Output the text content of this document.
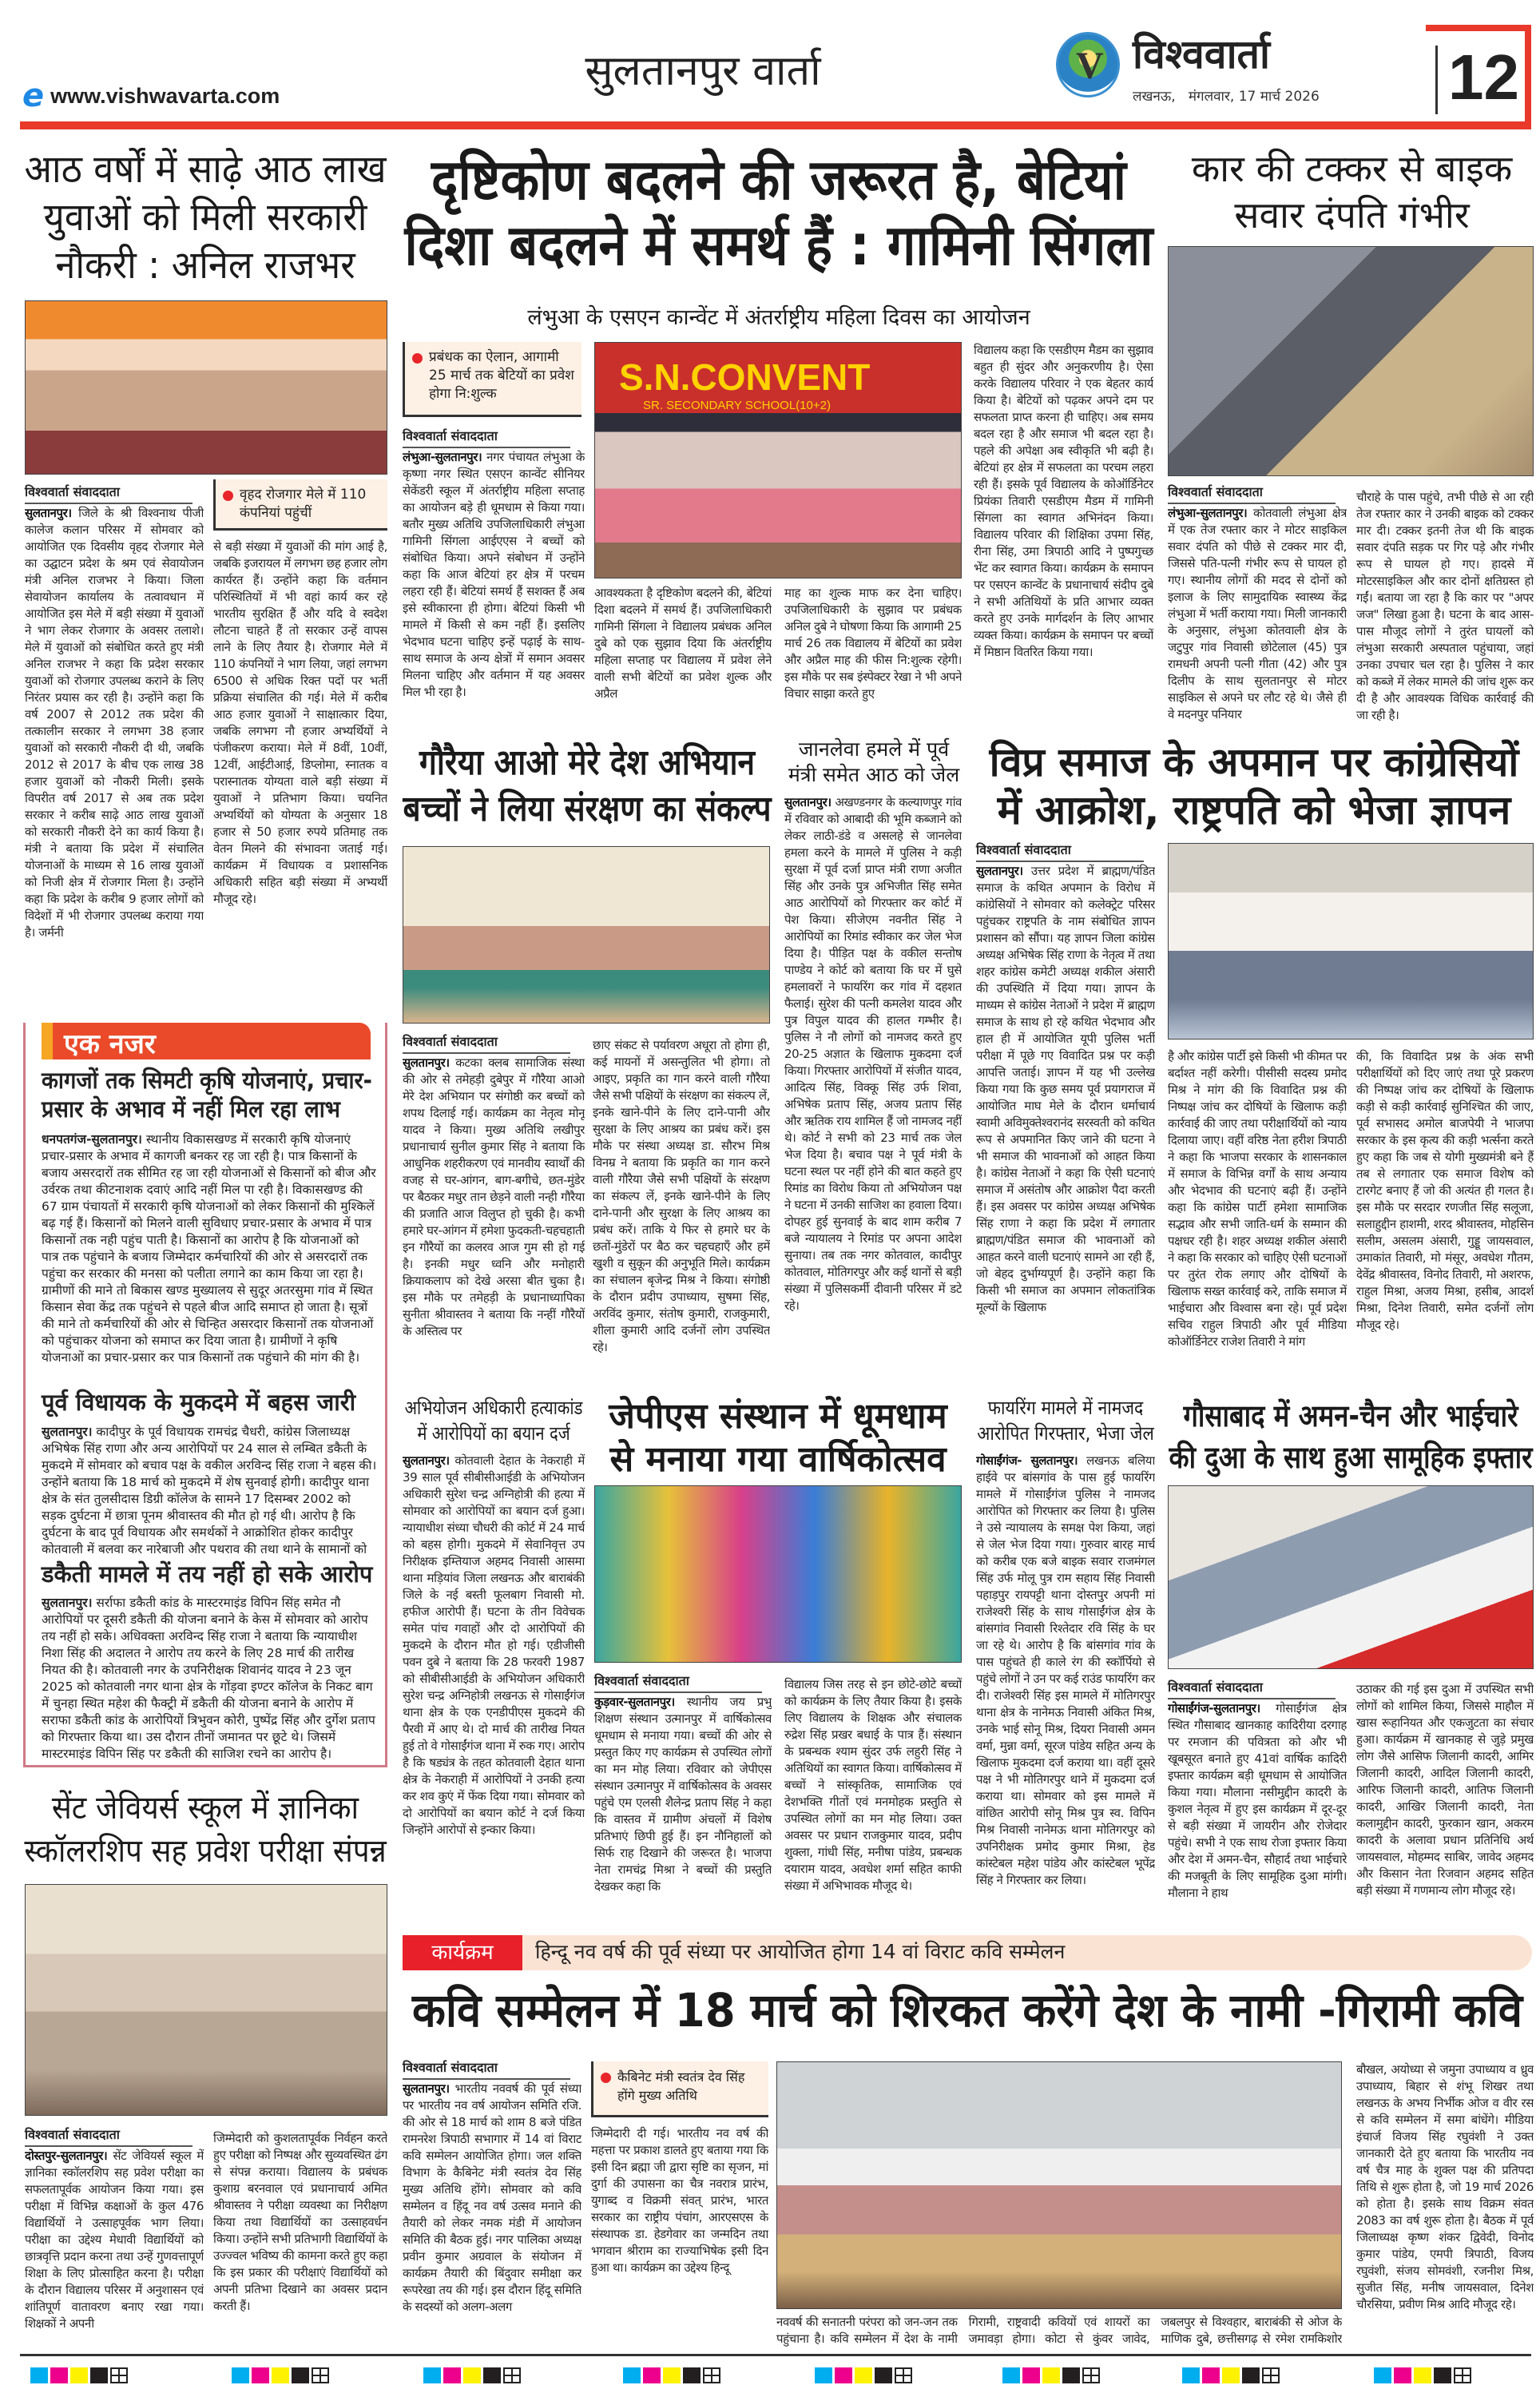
e www.vishwavarta.com
सुलतानपुर वार्ता	V विश्ववार्ता
लखनऊ,   मंगलवार, 17 मार्च 2026 12
आठ वर्षों में साढ़े आठ लाख युवाओं को मिली सरकारी नौकरी : अनिल राजभर
विश्ववार्ता संवाददाता	वृहद रोजगार मेले में 110 कंपनियां पहुंचीं
सुलतानपुर। जिले के श्री विश्वनाथ पीजी कालेज कलान परिसर में सोमवार को आयोजित एक दिवसीय वृहद रोजगार मेले का उद्घाटन प्रदेश के श्रम एवं सेवायोजन मंत्री अनिल राजभर ने किया। जिला सेवायोजन कार्यालय के तत्वावधान में आयोजित इस मेले में बड़ी संख्या में युवाओं ने भाग लेकर रोजगार के अवसर तलाशे। मेले में युवाओं को संबोधित करते हुए मंत्री अनिल राजभर ने कहा कि प्रदेश सरकार युवाओं को रोजगार उपलब्ध कराने के लिए निरंतर प्रयास कर रही है। उन्होंने कहा कि वर्ष 2007 से 2012 तक प्रदेश की तत्कालीन सरकार ने लगभग 38 हजार युवाओं को सरकारी नौकरी दी थी, जबकि 2012 से 2017 के बीच एक लाख 38 हजार युवाओं को नौकरी मिली। इसके विपरीत वर्ष 2017 से अब तक प्रदेश सरकार ने करीब साढ़े आठ लाख युवाओं को सरकारी नौकरी देने का कार्य किया है। मंत्री ने बताया कि प्रदेश में संचालित योजनाओं के माध्यम से 16 लाख युवाओं को निजी क्षेत्र में रोजगार मिला है। उन्होंने कहा कि प्रदेश के करीब 9 हजार लोगों को विदेशों में भी रोजगार उपलब्ध कराया गया है। जर्मनी
से बड़ी संख्या में युवाओं की मांग आई है, जबकि इजरायल में लगभग छह हजार लोग कार्यरत हैं। उन्होंने कहा कि वर्तमान परिस्थितियों में भी वहां कार्य कर रहे भारतीय सुरक्षित हैं और यदि वे स्वदेश लौटना चाहते हैं तो सरकार उन्हें वापस लाने के लिए तैयार है। रोजगार मेले में 110 कंपनियों ने भाग लिया, जहां लगभग 6500 से अधिक रिक्त पदों पर भर्ती प्रक्रिया संचालित की गई। मेले में करीब आठ हजार युवाओं ने साक्षात्कार दिया, जबकि लगभग नौ हजार अभ्यर्थियों ने पंजीकरण कराया। मेले में 8वीं, 10वीं, 12वीं, आईटीआई, डिप्लोमा, स्नातक व परास्नातक योग्यता वाले बड़ी संख्या में युवाओं ने प्रतिभाग किया। चयनित अभ्यर्थियों को योग्यता के अनुसार 18 हजार से 50 हजार रुपये प्रतिमाह तक वेतन मिलने की संभावना जताई गई। कार्यक्रम में विधायक व प्रशासनिक अधिकारी सहित बड़ी संख्या में अभ्यर्थी मौजूद रहे।
दृष्टिकोण बदलने की जरूरत है, बेटियां दिशा बदलने में समर्थ हैं : गामिनी सिंगला
लंभुआ के एसएन कान्वेंट में अंतर्राष्ट्रीय महिला दिवस का आयोजन
प्रबंधक का ऐलान, आगामी 25 मार्च तक बेटियों का प्रवेश होगा नि:शुल्क
विश्ववार्ता संवाददाता
लंभुआ-सुलतानपुर। नगर पंचायत लंभुआ के कृष्णा नगर स्थित एसएन कान्वेंट सीनियर सेकेंडरी स्कूल में अंतर्राष्ट्रीय महिला सप्ताह का आयोजन बड़े ही धूमधाम से किया गया। बतौर मुख्य अतिथि उपजिलाधिकारी लंभुआ गामिनी सिंगला आईएएस ने बच्चों को संबोधित किया। अपने संबोधन में उन्होंने कहा कि आज बेटियां हर क्षेत्र में परचम लहरा रही हैं। बेटियां समर्थ हैं सशक्त हैं अब इसे स्वीकारना ही होगा। बेटियां किसी भी मामले में किसी से कम नहीं हैं। इसलिए भेदभाव घटना चाहिए इन्हें पढ़ाई के साथ-साथ समाज के अन्य क्षेत्रों में समान अवसर मिलना चाहिए और वर्तमान में यह अवसर मिल भी रहा है।
S.N.CONVENT
SR. SECONDARY SCHOOL(10+2)
आवश्यकता है दृष्टिकोण बदलने की, बेटियां दिशा बदलने में समर्थ हैं। उपजिलाधिकारी गामिनी सिंगला ने विद्यालय प्रबंधक अनिल दुबे को एक सुझाव दिया कि अंतर्राष्ट्रीय महिला सप्ताह पर विद्यालय में प्रवेश लेने वाली सभी बेटियों का प्रवेश शुल्क और अप्रैल
माह का शुल्क माफ कर देना चाहिए। उपजिलाधिकारी के सुझाव पर प्रबंधक अनिल दुबे ने घोषणा किया कि आगामी 25 मार्च 26 तक विद्यालय में बेटियों का प्रवेश और अप्रैल माह की फीस नि:शुल्क रहेगी। इस मौके पर सब इंस्पेक्टर रेखा ने भी अपने विचार साझा करते हुए
विद्यालय कहा कि एसडीएम मैडम का सुझाव बहुत ही सुंदर और अनुकरणीय है। ऐसा करके विद्यालय परिवार ने एक बेहतर कार्य किया है। बेटियों को पढ़कर अपने दम पर सफलता प्राप्त करना ही चाहिए। अब समय बदल रहा है और समाज भी बदल रहा है। पहले की अपेक्षा अब स्वीकृति भी बढ़ी है। बेटियां हर क्षेत्र में सफलता का परचम लहरा रही हैं। इसके पूर्व विद्यालय के कोऑर्डिनेटर प्रियंका तिवारी एसडीएम मैडम में गामिनी सिंगला का स्वागत अभिनंदन किया। विद्यालय परिवार की शिक्षिका उपमा सिंह, रीना सिंह, उमा त्रिपाठी आदि ने पुष्पगुच्छ भेंट कर स्वागत किया। कार्यक्रम के समापन पर एसएन कान्वेंट के प्रधानाचार्य संदीप दुबे ने सभी अतिथियों के प्रति आभार व्यक्त करते हुए उनके मार्गदर्शन के लिए आभार व्यक्त किया। कार्यक्रम के समापन पर बच्चों में मिष्ठान वितरित किया गया।
कार की टक्कर से बाइक सवार दंपति गंभीर
विश्ववार्ता संवाददाता
लंभुआ-सुलतानपुर। कोतवाली लंभुआ क्षेत्र में एक तेज रफ्तार कार ने मोटर साइकिल सवार दंपति को पीछे से टक्कर मार दी, जिससे पति-पत्नी गंभीर रूप से घायल हो गए। स्थानीय लोगों की मदद से दोनों को इलाज के लिए सामुदायिक स्वास्थ्य केंद्र लंभुआ में भर्ती कराया गया। मिली जानकारी के अनुसार, लंभुआ कोतवाली क्षेत्र के जटुपुर गांव निवासी छोटेलाल (45) पुत्र रामधनी अपनी पत्नी गीता (42) और पुत्र दिलीप के साथ सुलतानपुर से मोटर साइकिल से अपने घर लौट रहे थे। जैसे ही वे मदनपुर पनियार
चौराहे के पास पहुंचे, तभी पीछे से आ रही तेज रफ्तार कार ने उनकी बाइक को टक्कर मार दी। टक्कर इतनी तेज थी कि बाइक सवार दंपति सड़क पर गिर पड़े और गंभीर रूप से घायल हो गए। हादसे में मोटरसाइकिल और कार दोनों क्षतिग्रस्त हो गईं। बताया जा रहा है कि कार पर "अपर जज" लिखा हुआ है। घटना के बाद आस-पास मौजूद लोगों ने तुरंत घायलों को लंभुआ सरकारी अस्पताल पहुंचाया, जहां उनका उपचार चल रहा है। पुलिस ने कार को कब्जे में लेकर मामले की जांच शुरू कर दी है और आवश्यक विधिक कार्रवाई की जा रही है।
एक नजर
कागजों तक सिमटी कृषि योजनाएं, प्रचार-प्रसार के अभाव में नहीं मिल रहा लाभ
धनपतगंज-सुलतानपुर। स्थानीय विकासखण्ड में सरकारी कृषि योजनाएं प्रचार-प्रसार के अभाव में कागजी बनकर रह जा रही है। पात्र किसानों के बजाय असरदारों तक सीमित रह जा रही योजनाओं से किसानों को बीज और उर्वरक तथा कीटनाशक दवाएं आदि नहीं मिल पा रही है। विकासखण्ड की 67 ग्राम पंचायतों में सरकारी कृषि योजनाओं को लेकर किसानों की मुश्किलें बढ़ गई हैं। किसानों को मिलने वाली सुविधाए प्रचार-प्रसार के अभाव में पात्र किसानों तक नही पहुंच पाती है। किसानों का आरोप है कि योजनाओं को पात्र तक पहुंचाने के बजाय जिम्मेदार कर्मचारियों की ओर से असरदारों तक पहुंचा कर सरकार की मनसा को पलीता लगाने का काम किया जा रहा है। ग्रामीणों की माने तो बिकास खण्ड मुख्यालय से सुदूर अतरसुमा गांव में स्थित किसान सेवा केंद्र तक पहुंचने से पहले बीज आदि समाप्त हो जाता है। सूत्रों की माने तो कर्मचारियों की ओर से चिन्हित असरदार किसानों तक योजनाओं को पहुंचाकर योजना को समाप्त कर दिया जाता है। ग्रामीणों ने कृषि योजनाओं का प्रचार-प्रसार कर पात्र किसानों तक पहुंचाने की मांग की है।
पूर्व विधायक के मुकदमे में बहस जारी
सुलतानपुर। कादीपुर के पूर्व विधायक रामचंद्र चैधरी, कांग्रेस जिलाध्यक्ष अभिषेक सिंह राणा और अन्य आरोपियों पर 24 साल से लम्बित डकैती के मुकदमे में सोमवार को बचाव पक्ष के वकील अरविन्द सिंह राजा ने बहस की। उन्होंने बताया कि 18 मार्च को मुकदमे में शेष सुनवाई होगी। कादीपुर थाना क्षेत्र के संत तुलसीदास डिग्री कॉलेज के सामने 17 दिसम्बर 2002 को सड़क दुर्घटना में छात्रा पूनम श्रीवास्तव की मौत हो गई थी। आरोप है कि दुर्घटना के बाद पूर्व विधायक और समर्थकों ने आक्रोशित होकर कादीपुर कोतवाली में बलवा कर नारेबाजी और पथराव की तथा थाने के सामानों को
डकैती मामले में तय नहीं हो सके आरोप
सुलतानपुर। सर्राफा डकैती कांड के मास्टरमाइंड विपिन सिंह समेत नौ आरोपियों पर दूसरी डकैती की योजना बनाने के केस में सोमवार को आरोप तय नहीं हो सके। अधिवक्ता अरविन्द सिंह राजा ने बताया कि न्यायाधीश निशा सिंह की अदालत ने आरोप तय करने के लिए 28 मार्च की तारीख नियत की है। कोतवाली नगर के उपनिरीक्षक शिवानंद यादव ने 23 जून 2025 को कोतवाली नगर थाना क्षेत्र के गोंड़वा इण्टर कॉलेज के निकट बाग में चुनहा स्थित महेश की फैक्ट्री में डकैती की योजना बनाने के आरोप में सराफा डकैती कांड के आरोपियों त्रिभुवन कोरी, पुष्पेंद्र सिंह और दुर्गेश प्रताप को गिरफ्तार किया था। उस दौरान तीनों जमानत पर छूटे थे। जिसमें मास्टरमाइंड विपिन सिंह पर डकैती की साजिश रचने का आरोप है।
सेंट जेवियर्स स्कूल में ज्ञानिका स्कॉलरशिप सह प्रवेश परीक्षा संपन्न
विश्ववार्ता संवाददाता
दोस्तपुर-सुलतानपुर। सेंट जेवियर्स स्कूल में ज्ञानिका स्कॉलरशिप सह प्रवेश परीक्षा का सफलतापूर्वक आयोजन किया गया। इस परीक्षा में विभिन्न कक्षाओं के कुल 476 विद्यार्थियों ने उत्साहपूर्वक भाग लिया। परीक्षा का उद्देश्य मेधावी विद्यार्थियों को छात्रवृत्ति प्रदान करना तथा उन्हें गुणवत्तापूर्ण शिक्षा के लिए प्रोत्साहित करना है। परीक्षा के दौरान विद्यालय परिसर में अनुशासन एवं शांतिपूर्ण वातावरण बनाए रखा गया। शिक्षकों ने अपनी
जिम्मेदारी को कुशलतापूर्वक निर्वहन करते हुए परीक्षा को निष्पक्ष और सुव्यवस्थित ढंग से संपन्न कराया। विद्यालय के प्रबंधक कुशाग्र बरनवाल एवं प्रधानाचार्य अमित श्रीवास्तव ने परीक्षा व्यवस्था का निरीक्षण किया तथा विद्यार्थियों का उत्साहवर्धन किया। उन्होंने सभी प्रतिभागी विद्यार्थियों के उज्ज्वल भविष्य की कामना करते हुए कहा कि इस प्रकार की परीक्षाएं विद्यार्थियों को अपनी प्रतिभा दिखाने का अवसर प्रदान करती हैं।
गौरैया आओ मेरे देश अभियान बच्चों ने लिया संरक्षण का संकल्प
विश्ववार्ता संवाददाता
सुलतानपुर। कटका क्लब सामाजिक संस्था की ओर से तमेहड़ी दुबेपुर में गौरैया आओ मेरे देश अभियान पर संगोष्ठी कर बच्चों को शपथ दिलाई गई। कार्यक्रम का नेतृत्व मोनू यादव ने किया। मुख्य अतिथि लखीपुर प्रधानाचार्य सुनील कुमार सिंह ने बताया कि आधुनिक शहरीकरण एवं मानवीय स्वार्थों की वजह से घर-आंगन, बाग-बगीचे, छत-मुंडेर पर बैठकर मधुर तान छेड़ने वाली नन्ही गौरैया की प्रजाति आज विलुप्त हो चुकी है। कभी हमारे घर-आंगन में हमेशा फुदकती-चहचहाती इन गौरैयों का कलरव आज गुम सी हो गई है। इनकी मधुर ध्वनि और मनोहारी क्रियाकलाप को देखे अरसा बीत चुका है। इस मौके पर तमेहड़ी के प्रधानाध्यापिका सुनीता श्रीवास्तव ने बताया कि नन्हीं गौरैयों के अस्तित्व पर
छाए संकट से पर्यावरण अधूरा तो होगा ही, कई मायनों में असन्तुलित भी होगा। तो आइए, प्रकृति का गान करने वाली गौरैया जैसे सभी पक्षियों के संरक्षण का संकल्प लें, इनके खाने-पीने के लिए दाने-पानी और सुरक्षा के लिए आश्रय का प्रबंध करें। इस मौके पर संस्था अध्यक्ष डा. सौरभ मिश्र विनम्र ने बताया कि प्रकृति का गान करने वाली गौरैया जैसे सभी पक्षियों के संरक्षण का संकल्प लें, इनके खाने-पीने के लिए दाने-पानी और सुरक्षा के लिए आश्रय का प्रबंध करें। ताकि ये फिर से हमारे घर के छतों-मुंडेरों पर बैठ कर चहचहाएँ और हमें खुशी व सुकून की अनुभूति मिले। कार्यक्रम का संचालन बृजेन्द्र मिश्र ने किया। संगोष्ठी के दौरान प्रदीप उपाध्याय, सुषमा सिंह, अरविंद कुमार, संतोष कुमारी, राजकुमारी, शीला कुमारी आदि दर्जनों लोग उपस्थित रहे।
जानलेवा हमले में पूर्व मंत्री समेत आठ को जेल
सुलतानपुर। अखण्डनगर के कल्याणपुर गांव में रविवार को आबादी की भूमि कब्जाने को लेकर लाठी-डंडे व असलहे से जानलेवा हमला करने के मामले में पुलिस ने कड़ी सुरक्षा में पूर्व दर्जा प्राप्त मंत्री राणा अजीत सिंह और उनके पुत्र अभिजीत सिंह समेत आठ आरोपियों को गिरफ्तार कर कोर्ट में पेश किया। सीजेएम नवनीत सिंह ने आरोपियों का रिमांड स्वीकार कर जेल भेज दिया है। पीड़ित पक्ष के वकील सन्तोष पाण्डेय ने कोर्ट को बताया कि घर में घुसे हमलावरों ने फायरिंग कर गांव में दहशत फैलाई। सुरेश की पत्नी कमलेश यादव और पुत्र विपुल यादव की हालत गम्भीर है। पुलिस ने नौ लोगों को नामजद करते हुए 20-25 अज्ञात के खिलाफ मुकदमा दर्ज किया। गिरफ्तार आरोपियों में संजीत यादव, आदित्य सिंह, विक्कू सिंह उर्फ शिवा, अभिषेक प्रताप सिंह, अजय प्रताप सिंह और ऋतिक राय शामिल हैं जो नामजद नहीं थे। कोर्ट ने सभी को 23 मार्च तक जेल भेज दिया है। बचाव पक्ष ने पूर्व मंत्री के घटना स्थल पर नहीं होने की बात कहते हुए रिमांड का विरोध किया तो अभियोजन पक्ष ने घटना में उनकी साजिश का हवाला दिया। दोपहर हुई सुनवाई के बाद शाम करीब 7 बजे न्यायालय ने रिमांड पर अपना आदेश सुनाया। तब तक नगर कोतवाल, कादीपुर कोतवाल, मोतिगरपुर और कई थानों से बड़ी संख्या में पुलिसकर्मी दीवानी परिसर में डटे रहे।
विप्र समाज के अपमान पर कांग्रेसियों में आक्रोश, राष्ट्रपति को भेजा ज्ञापन
विश्ववार्ता संवाददाता
सुलतानपुर। उत्तर प्रदेश में ब्राह्मण/पंडित समाज के कथित अपमान के विरोध में कांग्रेसियों ने सोमवार को कलेक्ट्रेट परिसर पहुंचकर राष्ट्रपति के नाम संबोधित ज्ञापन प्रशासन को सौंपा। यह ज्ञापन जिला कांग्रेस अध्यक्ष अभिषेक सिंह राणा के नेतृत्व में तथा शहर कांग्रेस कमेटी अध्यक्ष शकील अंसारी की उपस्थिति में दिया गया। ज्ञापन के माध्यम से कांग्रेस नेताओं ने प्रदेश में ब्राह्मण समाज के साथ हो रहे कथित भेदभाव और हाल ही में आयोजित यूपी पुलिस भर्ती परीक्षा में पूछे गए विवादित प्रश्न पर कड़ी आपत्ति जताई। ज्ञापन में यह भी उल्लेख किया गया कि कुछ समय पूर्व प्रयागराज में आयोजित माघ मेले के दौरान धर्माचार्य स्वामी अविमुक्तेश्वरानंद सरस्वती को कथित रूप से अपमानित किए जाने की घटना ने भी समाज की भावनाओं को आहत किया है। कांग्रेस नेताओं ने कहा कि ऐसी घटनाएं समाज में असंतोष और आक्रोश पैदा करती हैं। इस अवसर पर कांग्रेस अध्यक्ष अभिषेक सिंह राणा ने कहा कि प्रदेश में लगातार ब्राह्मण/पंडित समाज की भावनाओं को आहत करने वाली घटनाएं सामने आ रही हैं, जो बेहद दुर्भाग्यपूर्ण है। उन्होंने कहा कि किसी भी समाज का अपमान लोकतांत्रिक मूल्यों के खिलाफ
है और कांग्रेस पार्टी इसे किसी भी कीमत पर बर्दाश्त नहीं करेगी। पीसीसी सदस्य प्रमोद मिश्र ने मांग की कि विवादित प्रश्न की निष्पक्ष जांच कर दोषियों के खिलाफ कड़ी कार्रवाई की जाए तथा परीक्षार्थियों को न्याय दिलाया जाए। वहीं वरिष्ठ नेता हरीश त्रिपाठी ने कहा कि भाजपा सरकार के शासनकाल में समाज के विभिन्न वर्गों के साथ अन्याय और भेदभाव की घटनाएं बढ़ी हैं। उन्होंने कहा कि कांग्रेस पार्टी हमेशा सामाजिक सद्भाव और सभी जाति-धर्म के सम्मान की पक्षधर रही है। शहर अध्यक्ष शकील अंसारी ने कहा कि सरकार को चाहिए ऐसी घटनाओं पर तुरंत रोक लगाए और दोषियों के खिलाफ सख्त कार्रवाई करे, ताकि समाज में भाईचारा और विश्वास बना रहे। पूर्व प्रदेश सचिव राहुल त्रिपाठी और पूर्व मीडिया कोऑर्डिनेटर राजेश तिवारी ने मांग
की, कि विवादित प्रश्न के अंक सभी परीक्षार्थियों को दिए जाएं तथा पूरे प्रकरण की निष्पक्ष जांच कर दोषियों के खिलाफ कड़ी से कड़ी कार्रवाई सुनिश्चित की जाए, पूर्व सभासद अमोल बाजपेयी ने भाजपा सरकार के इस कृत्य की कड़ी भर्त्सना करते हुए कहा कि जब से योगी मुख्यमंत्री बने हैं तब से लगातार एक समाज विशेष को टारगेट बनाए हैं जो की अत्यंत ही गलत है। इस मौके पर सरदार रणजीत सिंह सलूजा, सलाहुद्दीन हाशमी, शरद श्रीवास्तव, मोहसिन सलीम, असलम अंसारी, गुड्डू जायसवाल, उमाकांत तिवारी, मो मंसूर, अवधेश गौतम, देवेंद्र श्रीवास्तव, विनोद तिवारी, मो अशरफ, राहुल मिश्रा, अजय मिश्रा, हसीब, आदर्श मिश्रा, दिनेश तिवारी, समेत दर्जनों लोग मौजूद रहे।
अभियोजन अधिकारी हत्याकांड में आरोपियों का बयान दर्ज
सुलतानपुर। कोतवाली देहात के नेकराही में 39 साल पूर्व सीबीसीआईडी के अभियोजन अधिकारी सुरेश चन्द्र अग्निहोत्री की हत्या में सोमवार को आरोपियों का बयान दर्ज हुआ। न्यायाधीश संध्या चौधरी की कोर्ट में 24 मार्च को बहस होगी। मुकदमे में सेवानिवृत्त उप निरीक्षक इम्तियाज अहमद निवासी आसमा थाना मड़ियांव जिला लखनऊ और बाराबंकी जिले के नई बस्ती फूलबाग निवासी मो. हफीज आरोपी हैं। घटना के तीन विवेचक समेत पांच गवाहों और दो आरोपियों की मुकदमे के दौरान मौत हो गई। एडीजीसी पवन दुबे ने बताया कि 28 फरवरी 1987 को सीबीसीआईडी के अभियोजन अधिकारी सुरेश चन्द्र अग्निहोत्री लखनऊ से गोसाईंगंज थाना क्षेत्र के एक एनडीपीएस मुकदमे की पैरवी में आए थे। दो मार्च की तारीख नियत हुई तो वे गोसाईंगंज थाना में रुक गए। आरोप है कि षड्यंत्र के तहत कोतवाली देहात थाना क्षेत्र के नेकराही में आरोपियों ने उनकी हत्या कर शव कुएं में फेंक दिया गया। सोमवार को दो आरोपियों का बयान कोर्ट ने दर्ज किया जिन्होंने आरोपों से इन्कार किया।
जेपीएस संस्थान में धूमधाम से मनाया गया वार्षिकोत्सव
विश्ववार्ता संवाददाता
कुड़वार-सुलतानपुर। स्थानीय जय प्रभु शिक्षण संस्थान उत्मानपुर में वार्षिकोत्सव धूमधाम से मनाया गया। बच्चों की ओर से प्रस्तुत किए गए कार्यक्रम से उपस्थित लोगों का मन मोह लिया। रविवार को जेपीएस संस्थान उत्मानपुर में वार्षिकोत्सव के अवसर पहुंचे एम एलसी शैलेन्द्र प्रताप सिंह ने कहा कि वास्तव में ग्रामीण अंचलों में विशेष प्रतिभाएं छिपी हुई हैं। इन नौनिहालों को सिर्फ राह दिखाने की जरूरत है। भाजपा नेता रामचंद्र मिश्रा ने बच्चों की प्रस्तुति देखकर कहा कि
विद्यालय जिस तरह से इन छोटे-छोटे बच्चों को कार्यक्रम के लिए तैयार किया है। इसके लिए विद्यालय के शिक्षक और संचालक रुद्रेश सिंह प्रखर बधाई के पात्र हैं। संस्थान के प्रबन्धक श्याम सुंदर उर्फ लहुरी सिंह ने अतिथियों का स्वागत किया। वार्षिकोत्सव में बच्चों ने सांस्कृतिक, सामाजिक एवं देशभक्ति गीतों एवं मनमोहक प्रस्तुति से उपस्थित लोगों का मन मोह लिया। उक्त अवसर पर प्रधान राजकुमार यादव, प्रदीप शुक्ला, गांधी सिंह, मनीषा पांडेय, प्रबन्धक दयाराम यादव, अवधेश शर्मा सहित काफी संख्या में अभिभावक मौजूद थे।
फायरिंग मामले में नामजद आरोपित गिरफ्तार, भेजा जेल
गोसाईंगंज- सुलतानपुर। लखनऊ बलिया हाईवे पर बांसगांव के पास हुई फायरिंग मामले में गोसाईंगंज पुलिस ने नामजद आरोपित को गिरफ्तार कर लिया है। पुलिस ने उसे न्यायालय के समक्ष पेश किया, जहां से जेल भेज दिया गया। गुरुवार बारह मार्च को करीब एक बजे बाइक सवार राजमंगल सिंह उर्फ मोलू पुत्र राम सहाय सिंह निवासी पहाड़पुर रायपट्टी थाना दोस्तपुर अपनी मां राजेश्वरी सिंह के साथ गोसाईंगंज क्षेत्र के बांसगांव निवासी रिश्तेदार रवि सिंह के घर जा रहे थे। आरोप है कि बांसगांव गांव के पास पहुंचते ही काले रंग की स्कॉर्पियो से पहुंचे लोगों ने उन पर कई राउंड फायरिंग कर दी। राजेश्वरी सिंह इस मामले में मोतिगरपुर थाना क्षेत्र के नानेमऊ निवासी अंकित मिश्र, उनके भाई सोनू मिश्र, दियरा निवासी अमन वर्मा, मुन्ना वर्मा, सूरज पांडेय सहित अन्य के खिलाफ मुकदमा दर्ज कराया था। वहीं दूसरे पक्ष ने भी मोतिगरपुर थाने में मुकदमा दर्ज कराया था। सोमवार को इस मामले में वांछित आरोपी सोनू मिश्र पुत्र स्व. विपिन मिश्र निवासी नानेमऊ थाना मोतिगरपुर को उपनिरीक्षक प्रमोद कुमार मिश्रा, हेड कांस्टेबल महेश पांडेय और कांस्टेबल भूपेंद्र सिंह ने गिरफ्तार कर लिया।
गौसाबाद में अमन-चैन और भाईचारे की दुआ के साथ हुआ सामूहिक इफ्तार
विश्ववार्ता संवाददाता
गोसाईंगंज-सुलतानपुर। गोसाईंगंज क्षेत्र स्थित गौसाबाद खानकाह कादिरीया दरगाह पर रमजान की पवित्रता को और भी खूबसूरत बनाते हुए 41वां वार्षिक कादिरी इफ्तार कार्यक्रम बड़ी धूमधाम से आयोजित किया गया। मौलाना नसीमुद्दीन कादरी के कुशल नेतृत्व में हुए इस कार्यक्रम में दूर-दूर से बड़ी संख्या में जायरीन और रोजेदार पहुंचे। सभी ने एक साथ रोजा इफ्तार किया और देश में अमन-चैन, सौहार्द तथा भाईचारे की मजबूती के लिए सामूहिक दुआ मांगी। मौलाना ने हाथ
उठाकर की गई इस दुआ में उपस्थित सभी लोगों को शामिल किया, जिससे माहौल में खास रूहानियत और एकजुटता का संचार हुआ। कार्यक्रम में खानकाह से जुड़े प्रमुख लोग जैसे आसिफ जिलानी कादरी, आमिर जिलानी कादरी, आदिल जिलानी कादरी, आरिफ जिलानी कादरी, आतिफ जिलानी कादरी, आखिर जिलानी कादरी, नेता कलामुद्दीन कादरी, फुरकान खान, अकरम कादरी के अलावा प्रधान प्रतिनिधि अर्थ जायसवाल, मोहम्मद साबिर, जावेद अहमद और किसान नेता रिजवान अहमद सहित बड़ी संख्या में गणमान्य लोग मौजूद रहे।
कार्यक्रम	हिन्दू नव वर्ष की पूर्व संध्या पर आयोजित होगा 14 वां विराट कवि सम्मेलन
कवि सम्मेलन में 18 मार्च को शिरकत करेंगे देश के नामी -गिरामी कवि
विश्ववार्ता संवाददाता
सुलतानपुर। भारतीय नववर्ष की पूर्व संध्या पर भारतीय नव वर्ष आयोजन समिति रजि. की ओर से 18 मार्च को शाम 8 बजे पंडित रामनरेश त्रिपाठी सभागार में 14 वां विराट कवि सम्मेलन आयोजित होगा। जल शक्ति विभाग के कैबिनेट मंत्री स्वतंत्र देव सिंह मुख्य अतिथि होंगे। सोमवार को कवि सम्मेलन व हिंदू नव वर्ष उत्सव मनाने की तैयारी को लेकर नमक मंडी में आयोजन समिति की बैठक हुई। नगर पालिका अध्यक्ष प्रवीन कुमार अग्रवाल के संयोजन में कार्यक्रम तैयारी की बिंदुवार समीक्षा कर रूपरेखा तय की गई। इस दौरान हिंदू समिति के सदस्यों को अलग-अलग
कैबिनेट मंत्री स्वतंत्र देव सिंह होंगे मुख्य अतिथि
जिम्मेदारी दी गई। भारतीय नव वर्ष की महत्ता पर प्रकाश डालते हुए बताया गया कि इसी दिन ब्रह्मा जी द्वारा सृष्टि का सृजन, मां दुर्गा की उपासना का चैत्र नवरात्र प्रारंभ, युगाब्द व विक्रमी संवत् प्रारंभ, भारत सरकार का राष्ट्रीय पंचांग, आरएसएस के संस्थापक डा. हेडगेवार का जन्मदिन तथा भगवान श्रीराम का राज्याभिषेक इसी दिन हुआ था। कार्यक्रम का उद्देश्य हिन्दू
नववर्ष की सनातनी परंपरा को जन-जन तक पहुंचाना है। कवि सम्मेलन में देश के नामी गिरामी, राष्ट्रवादी कवियों एवं शायरों का जमावड़ा होगा। कोटा से कुंवर जावेद, जबलपुर से विश्वहार, बाराबंकी से ओज के माणिक दुबे, छत्तीसगढ़ से रमेश रामकिशोर
बौखल, अयोध्या से जमुना उपाध्याय व ध्रुव उपाध्याय, बिहार से शंभू शिखर तथा लखनऊ के अभय निर्भीक ओज व वीर रस से कवि सम्मेलन में समा बांधेंगे। मीडिया इंचार्ज विजय सिंह रघुवंशी ने उक्त जानकारी देते हुए बताया कि भारतीय नव वर्ष चैत्र माह के शुक्ल पक्ष की प्रतिपदा तिथि से शुरू होता है, जो 19 मार्च 2026 को होता है। इसके साथ विक्रम संवत 2083 का वर्ष शुरू होता है। बैठक में पूर्व जिलाध्यक्ष कृष्ण शंकर द्विवेदी, विनोद कुमार पांडेय, एमपी त्रिपाठी, विजय रघुवंशी, संजय सोमवंशी, रजनीश मिश्र, सुजीत सिंह, मनीष जायसवाल, दिनेश चौरसिया, प्रवीण मिश्र आदि मौजूद रहे।
